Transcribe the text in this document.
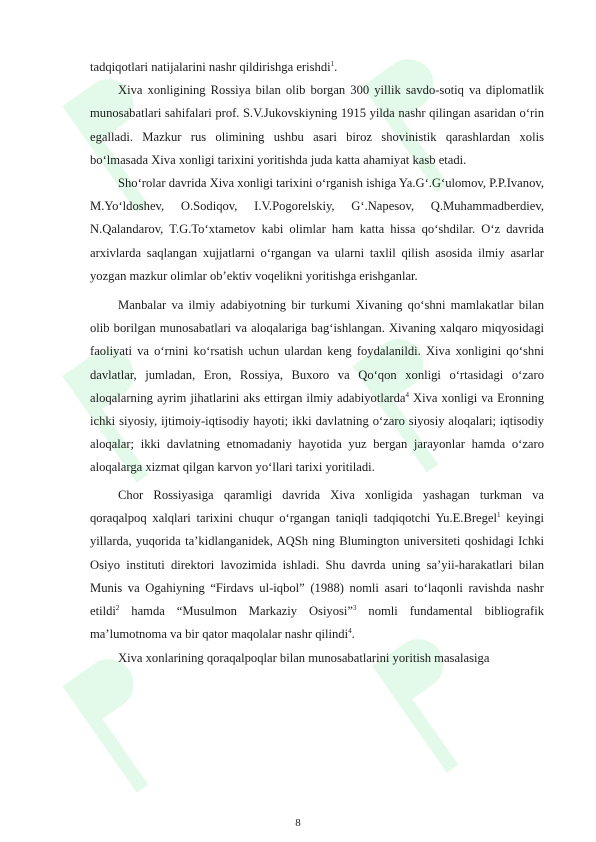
tadqiqotlari natijalarini nashr qildirishga erishdi$^1$.

Xiva xonligining Rossiya bilan olib borgan 300 yillik savdo-sotiq va diplomatlik munosabatlari sahifalari prof. S.V.Jukovskiyning 1915 yilda nashr qilingan asaridan o‘rin egalladi. Mazkur rus olimining ushbu asari biroz shovinistik qarashlardan xolis bo‘lmasada Xiva xonligi tarixini yoritishda juda katta ahamiyat kasb etadi.

Sho‘rolar davrida Xiva xonligi tarixini o‘rganish ishiga Ya.G‘.G‘ulomov, P.P.Ivanov, M.Yo‘ldoshev, O.Sodiqov, I.V.Pogorelskiy, G‘.Napesov, Q.Muhammadberdiev, N.Qalandarov, T.G.To‘xtametov kabi olimlar ham katta hissa qo‘shdilar. O‘z davrida arxivlarda saqlangan xujjatlarni o‘rgangan va ularni taxlil qilish asosida ilmiy asarlar yozgan mazkur olimlar ob’ektiv voqelikni yoritishga erishganlar.

Manbalar va ilmiy adabiyotning bir turkumi Xivaning qo‘shni mamlakatlar bilan olib borilgan munosabatlari va aloqalariga bag‘ishlangan. Xivaning xalqaro miqyosidagi faoliyati va o‘rnini ko‘rsatish uchun ulardan keng foydalanildi. Xiva xonligini qo‘shni davlatlar, jumladan, Eron, Rossiya, Buxoro va Qo‘qon xonligi o‘rtasidagi o‘zaro aloqalarning ayrim jihatlarini aks ettirgan ilmiy adabiyotlarda$^4$ Xiva xonligi va Eronning ichki siyosiy, ijtimoiy-iqtisodiy hayoti; ikki davlatning o‘zaro siyosiy aloqalari; iqtisodiy aloqalar; ikki davlatning etnomadaniy hayotida yuz bergan jarayonlar hamda o‘zaro aloqalarga xizmat qilgan karvon yo‘llari tarixi yoritiladi.

Chor Rossiyasiga qaramligi davrida Xiva xonligida yashagan turkman va qoraqalpoq xalqlari tarixini chuqur o‘rgangan taniqli tadqiqotchi Yu.E.Bregel$^1$ keyingi yillarda, yuqorida ta’kidlanganidek, AQSh ning Blumington universiteti qoshidagi Ichki Osiyo instituti direktori lavozimida ishladi. Shu davrda uning sa’yii-harakatlari bilan Munis va Ogahiyning “Firdavs ul-iqbol” (1988) nomli asari to‘laqonli ravishda nashr etildi$^2$ hamda “Musulmon Markaziy Osiyosi”$^3$ nomli fundamental bibliografik ma’lumotnoma va bir qator maqolalar nashr qilindi$^4$.

Xiva xonlarining qoraqalpoqlar bilan munosabatlarini yoritish masalasiga

8
